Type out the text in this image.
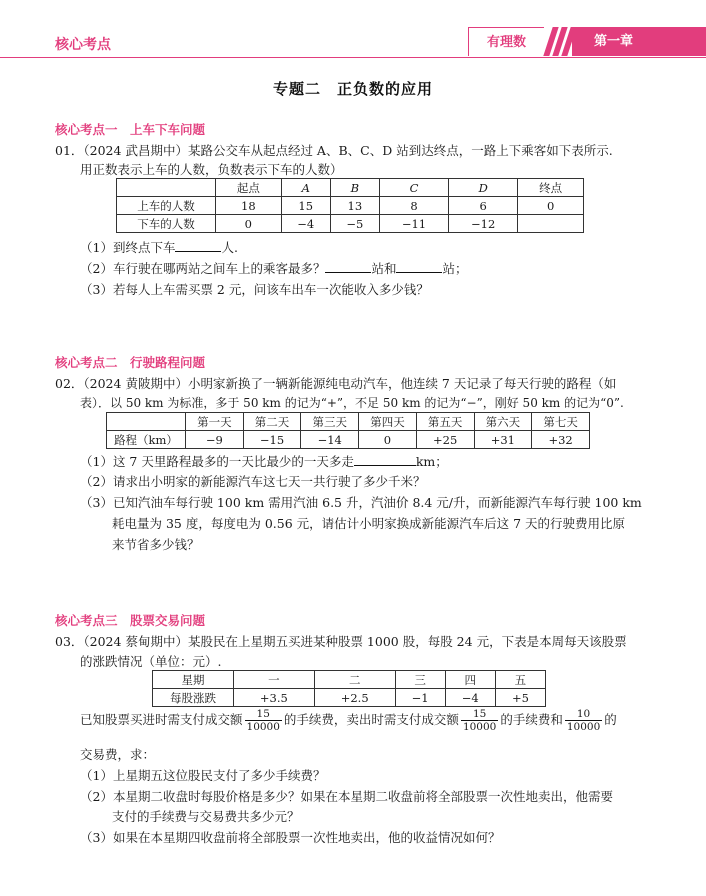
核心考点	有理数	第一章
专题二　正负数的应用
核心考点一　上车下车问题
01．（2024 武昌期中）某路公交车从起点经过 A、B、C、D 站到达终点，一路上下乘客如下表所示.
用正数表示上车的人数，负数表示下车的人数）
	起点	A	B	C	D	终点
上车的人数	18	15	13	8	6	0
下车的人数	0	−4	−5	−11	−12	
（1）到终点下车	人.
（2）车行驶在哪两站之间车上的乘客最多？	站和	站；
（3）若每人上车需买票 2 元，问该车出车一次能收入多少钱？
核心考点二　行驶路程问题
02．（2024 黄陂期中）小明家新换了一辆新能源纯电动汽车，他连续 7 天记录了每天行驶的路程（如
表）．以 50 km 为标准，多于 50 km 的记为“+”，不足 50 km 的记为“−”，刚好 50 km 的记为“0”.
	第一天	第二天	第三天	第四天	第五天	第六天	第七天
路程（km）	−9	−15	−14	0	+25	+31	+32
（1）这 7 天里路程最多的一天比最少的一天多走	km；
（2）请求出小明家的新能源汽车这七天一共行驶了多少千米？
（3）已知汽油车每行驶 100 km 需用汽油 6.5 升，汽油价 8.4 元/升，而新能源汽车每行驶 100 km
耗电量为 35 度，每度电为 0.56 元，请估计小明家换成新能源汽车后这 7 天的行驶费用比原
来节省多少钱？
核心考点三　股票交易问题
03．（2024 蔡甸期中）某股民在上星期五买进某种股票 1000 股，每股 24 元，下表是本周每天该股票
的涨跌情况（单位：元）.
星期	一	二	三	四	五
每股涨跌	+3.5	+2.5	−1	−4	+5
已知股票买进时需支付成交额 $\frac{15}{10000}$ 的手续费，卖出时需支付成交额 $\frac{15}{10000}$ 的手续费和 $\frac{10}{10000}$ 的
交易费，求：
（1）上星期五这位股民支付了多少手续费？
（2）本星期二收盘时每股价格是多少？如果在本星期二收盘前将全部股票一次性地卖出，他需要
支付的手续费与交易费共多少元？
（3）如果在本星期四收盘前将全部股票一次性地卖出，他的收益情况如何？
